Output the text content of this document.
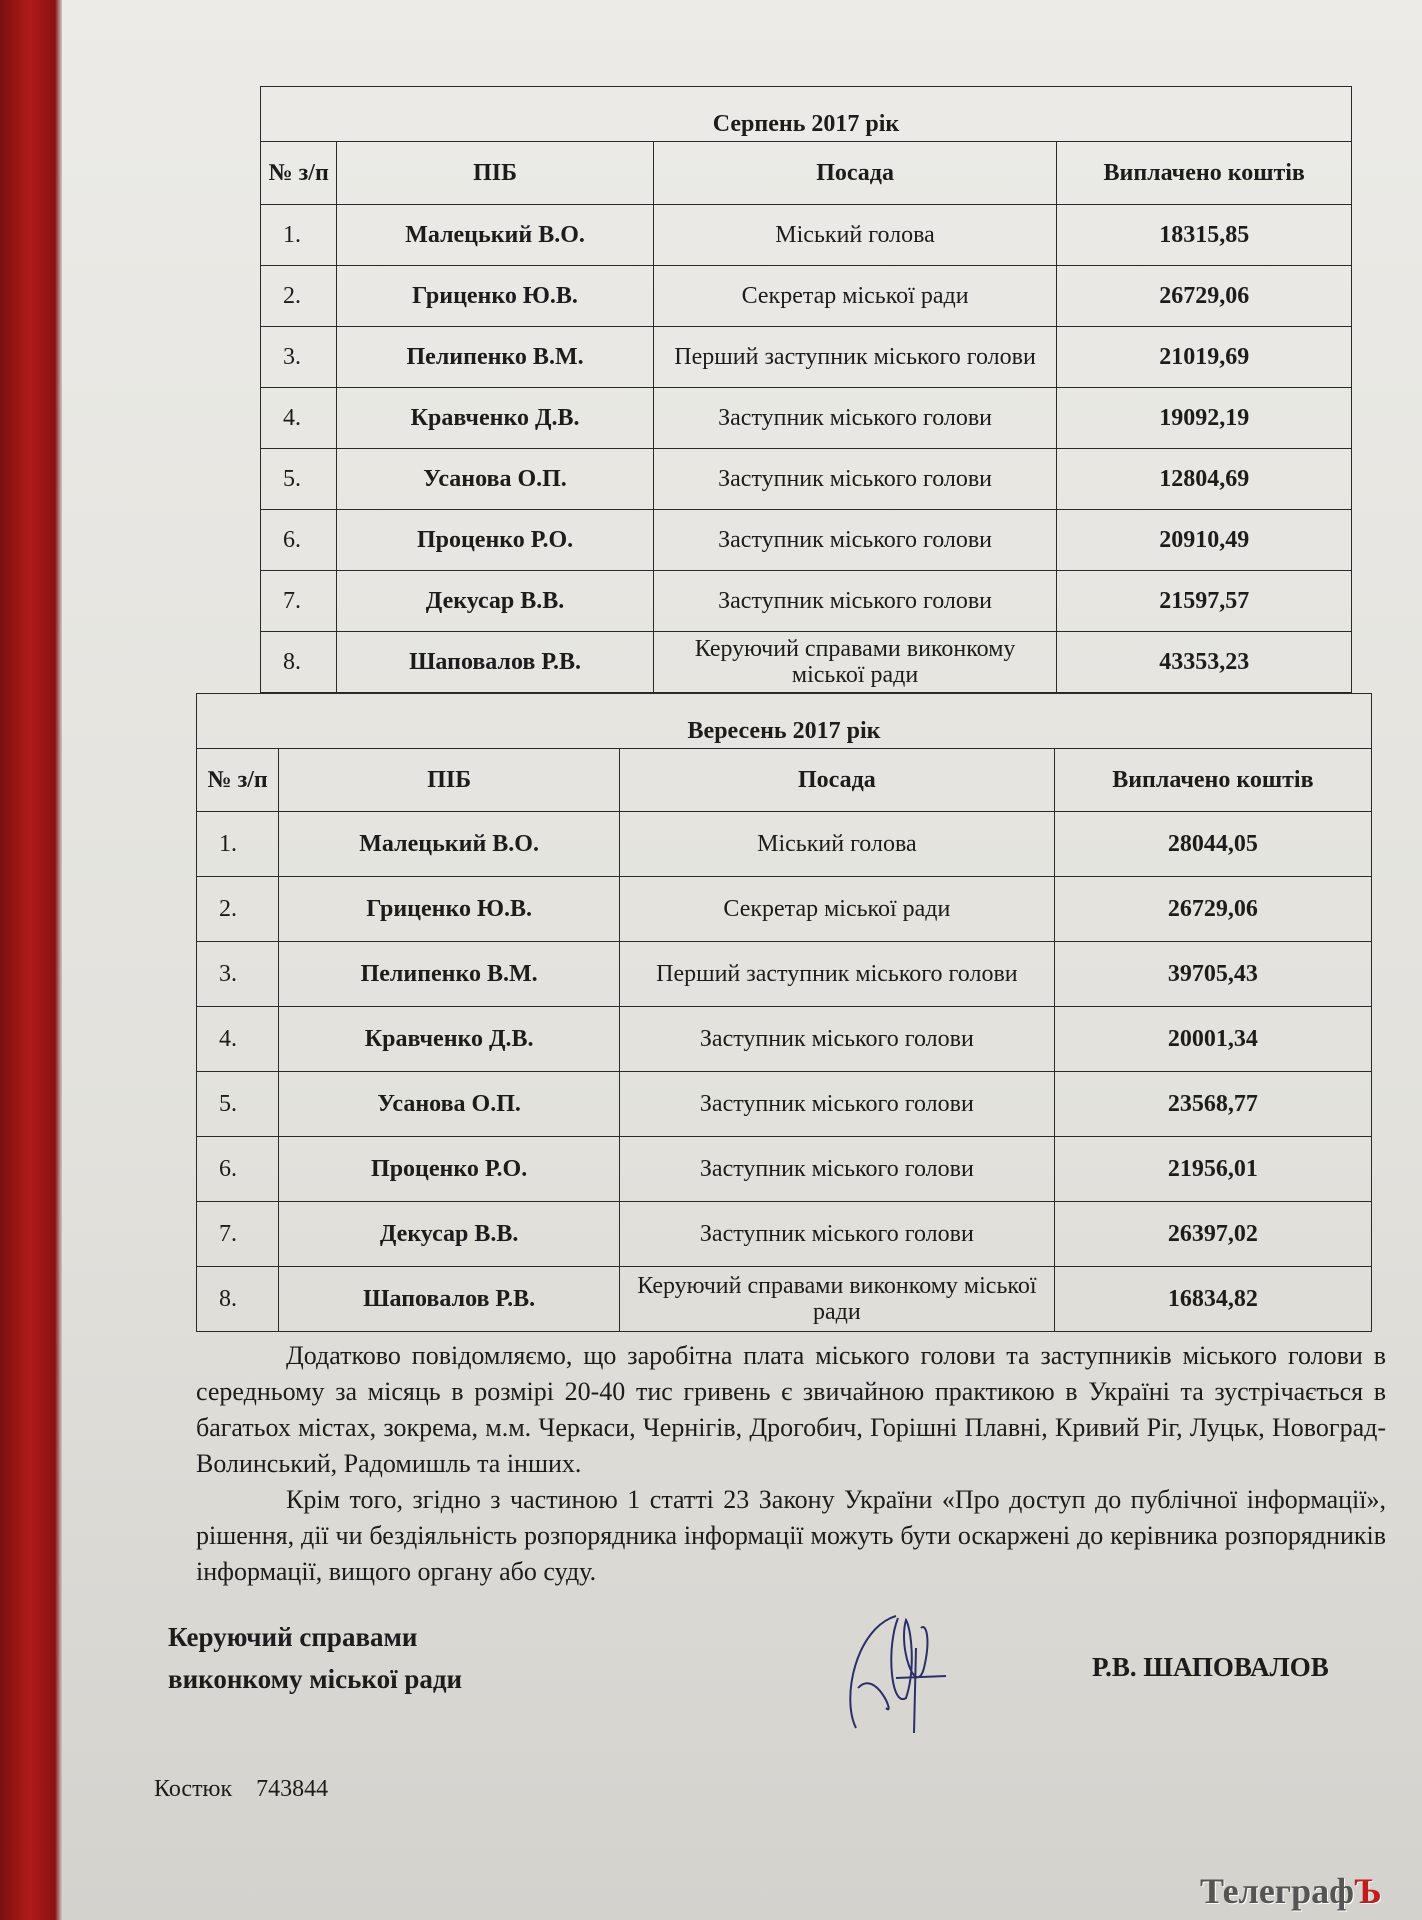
Серпень 2017 рік			
№ з/п	ПІБ	Посада	Виплачено коштів
1.	Малецький В.О.	Міський голова	18315,85
2.	Гриценко Ю.В.	Секретар міської ради	26729,06
3.	Пелипенко В.М.	Перший заступник міського голови	21019,69
4.	Кравченко Д.В.	Заступник міського голови	19092,19
5.	Усанова О.П.	Заступник міського голови	12804,69
6.	Проценко Р.О.	Заступник міського голови	20910,49
7.	Декусар В.В.	Заступник міського голови	21597,57
8.	Шаповалов Р.В.	Керуючий справами виконкому міської ради	43353,23
Вересень 2017 рік			
№ з/п	ПІБ	Посада	Виплачено коштів
1.	Малецький В.О.	Міський голова	28044,05
2.	Гриценко Ю.В.	Секретар міської ради	26729,06
3.	Пелипенко В.М.	Перший заступник міського голови	39705,43
4.	Кравченко Д.В.	Заступник міського голови	20001,34
5.	Усанова О.П.	Заступник міського голови	23568,77
6.	Проценко Р.О.	Заступник міського голови	21956,01
7.	Декусар В.В.	Заступник міського голови	26397,02
8.	Шаповалов Р.В.	Керуючий справами виконкому міської ради	16834,82

Додатково повідомляємо, що заробітна плата міського голови та заступників міського голови в середньому за місяць в розмірі 20-40 тис гривень є звичайною практикою в Україні та зустрічається в багатьох містах, зокрема, м.м. Черкаси, Чернігів, Дрогобич, Горішні Плавні, Кривий Ріг, Луцьк, Новоград-Волинський, Радомишль та інших.

Крім того, згідно з частиною 1 статті 23 Закону України «Про доступ до публічної інформації», рішення, дії чи бездіяльність розпорядника інформації можуть бути оскаржені до керівника розпорядників інформації, вищого органу або суду.

Керуючий справами
виконкому міської ради	Р.В. ШАПОВАЛОВ
Костюк    743844
ТелеграфЪ
